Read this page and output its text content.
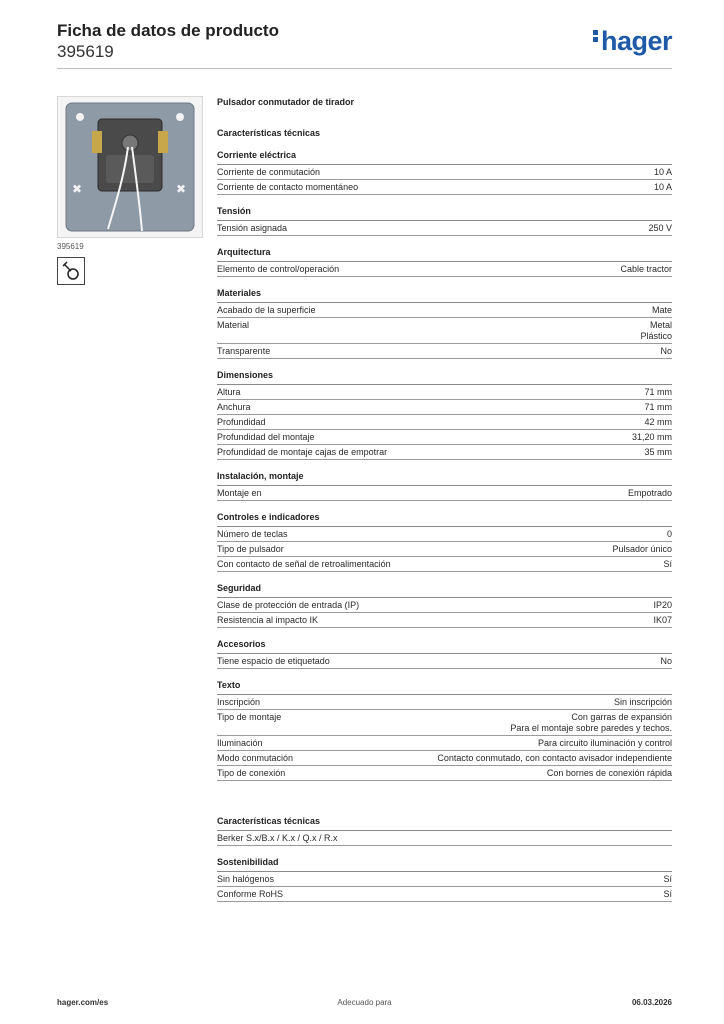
Ficha de datos de producto
395619	hager
✖	✖
395619
Pulsador conmutador de tirador
Características técnicas
Corriente eléctrica
Corriente de conmutación	10 A
Corriente de contacto momentáneo	10 A
Tensión
Tensión asignada	250 V
Arquitectura
Elemento de control/operación	Cable tractor
Materiales
Acabado de la superficie	Mate
Material	Metal
Plástico
Transparente	No
Dimensiones
Altura	71 mm
Anchura	71 mm
Profundidad	42 mm
Profundidad del montaje	31,20 mm
Profundidad de montaje cajas de empotrar	35 mm
Instalación, montaje
Montaje en	Empotrado
Controles e indicadores
Número de teclas	0
Tipo de pulsador	Pulsador único
Con contacto de señal de retroalimentación	Sí
Seguridad
Clase de protección de entrada (IP)	IP20
Resistencia al impacto IK	IK07
Accesorios
Tiene espacio de etiquetado	No
Texto
Inscripción	Sin inscripción
Tipo de montaje	Con garras de expansión
Para el montaje sobre paredes y techos.
Iluminación	Para circuito iluminación y control
Modo conmutación	Contacto conmutado, con contacto avisador independiente
Tipo de conexión	Con bornes de conexión rápida
Características técnicas
Berker S.x/B.x / K.x / Q.x / R.x
Sostenibilidad
Sin halógenos	Sí
Conforme RoHS	Sí
Adecuado para
hager.com/es	06.03.2026
